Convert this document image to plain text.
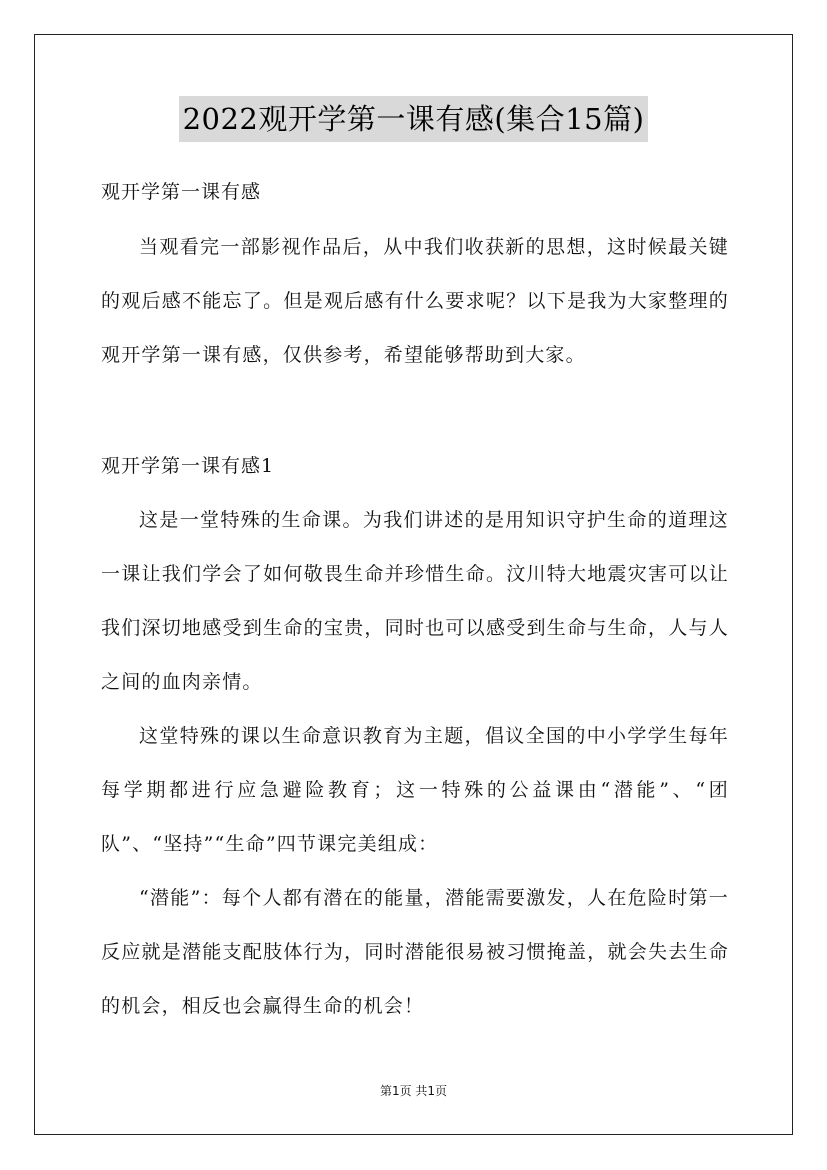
2022观开学第一课有感(集合15篇)

观开学第一课有感

当观看完一部影视作品后，从中我们收获新的思想，这时候最关键的观后感不能忘了。但是观后感有什么要求呢？以下是我为大家整理的观开学第一课有感，仅供参考，希望能够帮助到大家。

观开学第一课有感1

这是一堂特殊的生命课。为我们讲述的是用知识守护生命的道理这一课让我们学会了如何敬畏生命并珍惜生命。汶川特大地震灾害可以让我们深切地感受到生命的宝贵，同时也可以感受到生命与生命，人与人之间的血肉亲情。

这堂特殊的课以生命意识教育为主题，倡议全国的中小学学生每年每学期都进行应急避险教育；这一特殊的公益课由“潜能”、“团队”、“坚持”“生命”四节课完美组成：

“潜能”：每个人都有潜在的能量，潜能需要激发，人在危险时第一反应就是潜能支配肢体行为，同时潜能很易被习惯掩盖，就会失去生命的机会，相反也会赢得生命的机会！

第1页 共1页
